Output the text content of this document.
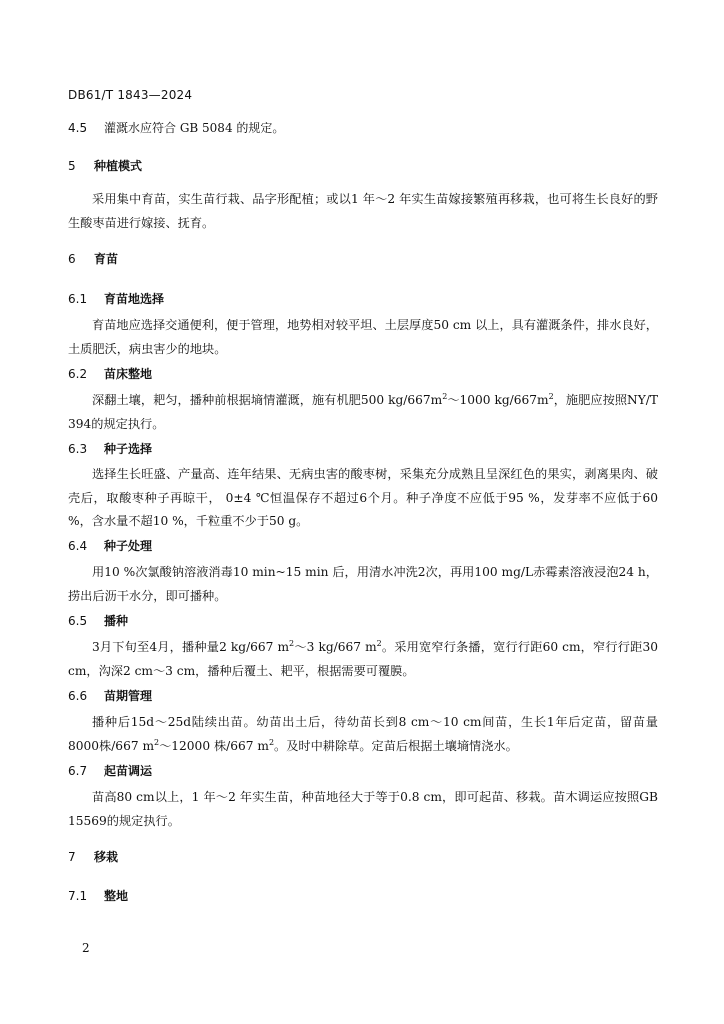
DB61/T 1843—2024
4.5 灌溉水应符合 GB 5084 的规定。
5 种植模式
采用集中育苗，实生苗行栽、品字形配植；或以1 年～2 年实生苗嫁接繁殖再移栽，也可将生长良好的野生酸枣苗进行嫁接、抚育。
6 育苗
6.1 育苗地选择
育苗地应选择交通便利，便于管理，地势相对较平坦、土层厚度50 cm 以上，具有灌溉条件，排水良好，土质肥沃，病虫害少的地块。
6.2 苗床整地
深翻土壤，耙匀，播种前根据墒情灌溉，施有机肥500 $kg/667m^2\sim 1000$ $kg/667m^2$，施肥应按照NY/T 394的规定执行。
6.3 种子选择
选择生长旺盛、产量高、连年结果、无病虫害的酸枣树，采集充分成熟且呈深红色的果实，剥离果肉、破壳后，取酸枣种子再晾干， 0±4 ℃恒温保存不超过6个月。种子净度不应低于95 %，发芽率不应低于60 %，含水量不超10 %，千粒重不少于50 g。
6.4 种子处理
用10 %次氯酸钠溶液消毒10 min~15 min 后，用清水冲洗2次，再用100 mg/L赤霉素溶液浸泡24 h，捞出后沥干水分，即可播种。
6.5 播种
3月下旬至4月，播种量2 kg/667 $m^2\sim 3$ kg/667 $m^2$。采用宽窄行条播，宽行行距60 cm，窄行行距30 cm，沟深2 cm～3 cm，播种后覆土、耙平，根据需要可覆膜。
6.6 苗期管理
播种后15d～25d陆续出苗。幼苗出土后，待幼苗长到8 cm～10 cm间苗，生长1年后定苗，留苗量8000株/667 $m^2\sim 12000$ 株/667 $m^2$。及时中耕除草。定苗后根据土壤墒情浇水。
6.7 起苗调运
苗高80 cm以上，1 年～2 年实生苗，种苗地径大于等于0.8 cm，即可起苗、移栽。苗木调运应按照GB 15569的规定执行。
7 移栽
7.1 整地
2
